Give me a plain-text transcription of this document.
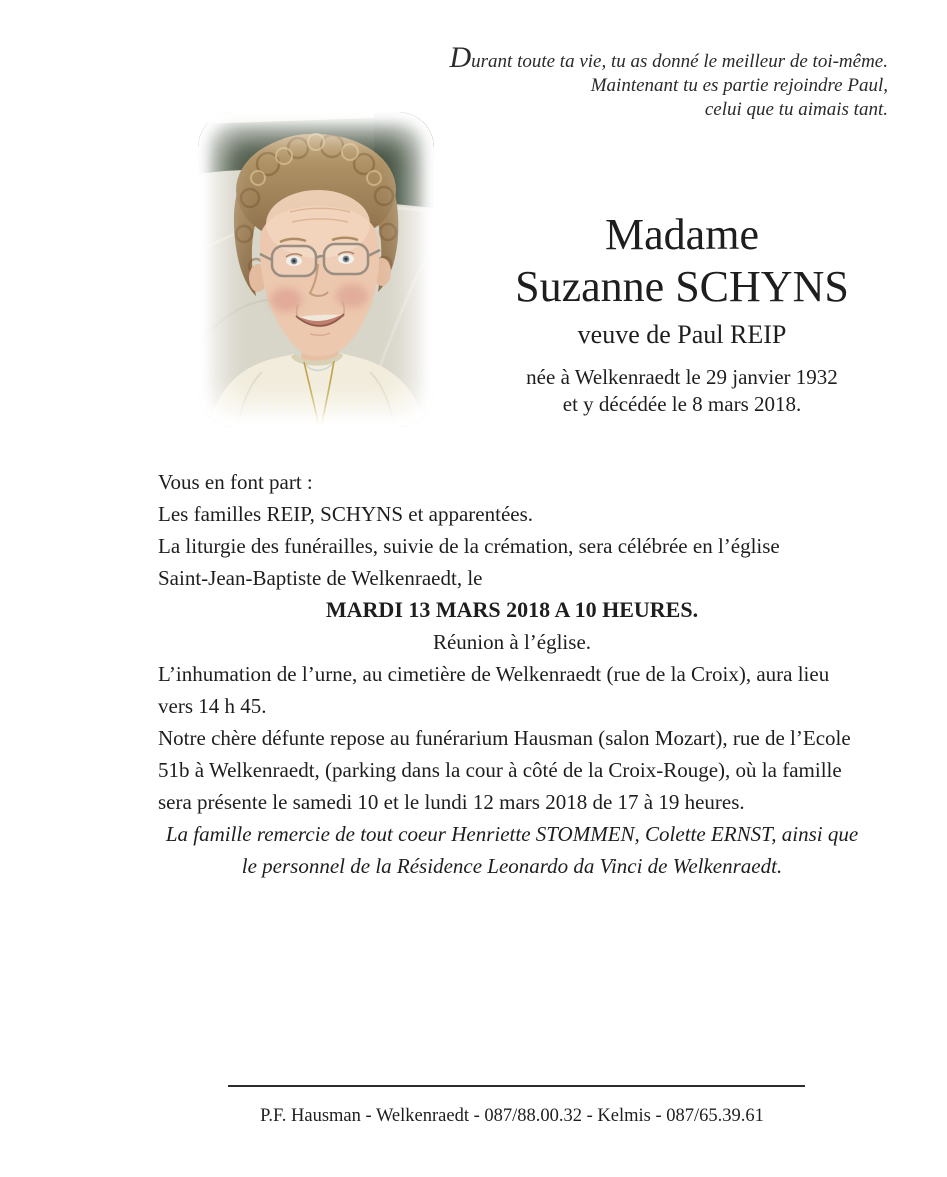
Durant toute ta vie, tu as donné le meilleur de toi-même.
Maintenant tu es partie rejoindre Paul,
celui que tu aimais tant.
Madame
Suzanne SCHYNS
veuve de Paul REIP
née à Welkenraedt le 29 janvier 1932
et y décédée le 8 mars 2018.

Vous en font part :

Les familles REIP, SCHYNS et apparentées.

La liturgie des funérailles, suivie de la crémation, sera célébrée en l’église
Saint-Jean-Baptiste de Welkenraedt, le

MARDI 13 MARS 2018 A 10 HEURES.

Réunion à l’église.

L’inhumation de l’urne, au cimetière de Welkenraedt (rue de la Croix), aura lieu
vers 14 h 45.

Notre chère défunte repose au funérarium Hausman (salon Mozart), rue de l’Ecole
51b à Welkenraedt, (parking dans la cour à côté de la Croix-Rouge), où la famille
sera présente le samedi 10 et le lundi 12 mars 2018 de 17 à 19 heures.

La famille remercie de tout coeur Henriette STOMMEN, Colette ERNST, ainsi que
le personnel de la Résidence Leonardo da Vinci de Welkenraedt.

P.F. Hausman - Welkenraedt - 087/88.00.32 - Kelmis - 087/65.39.61
